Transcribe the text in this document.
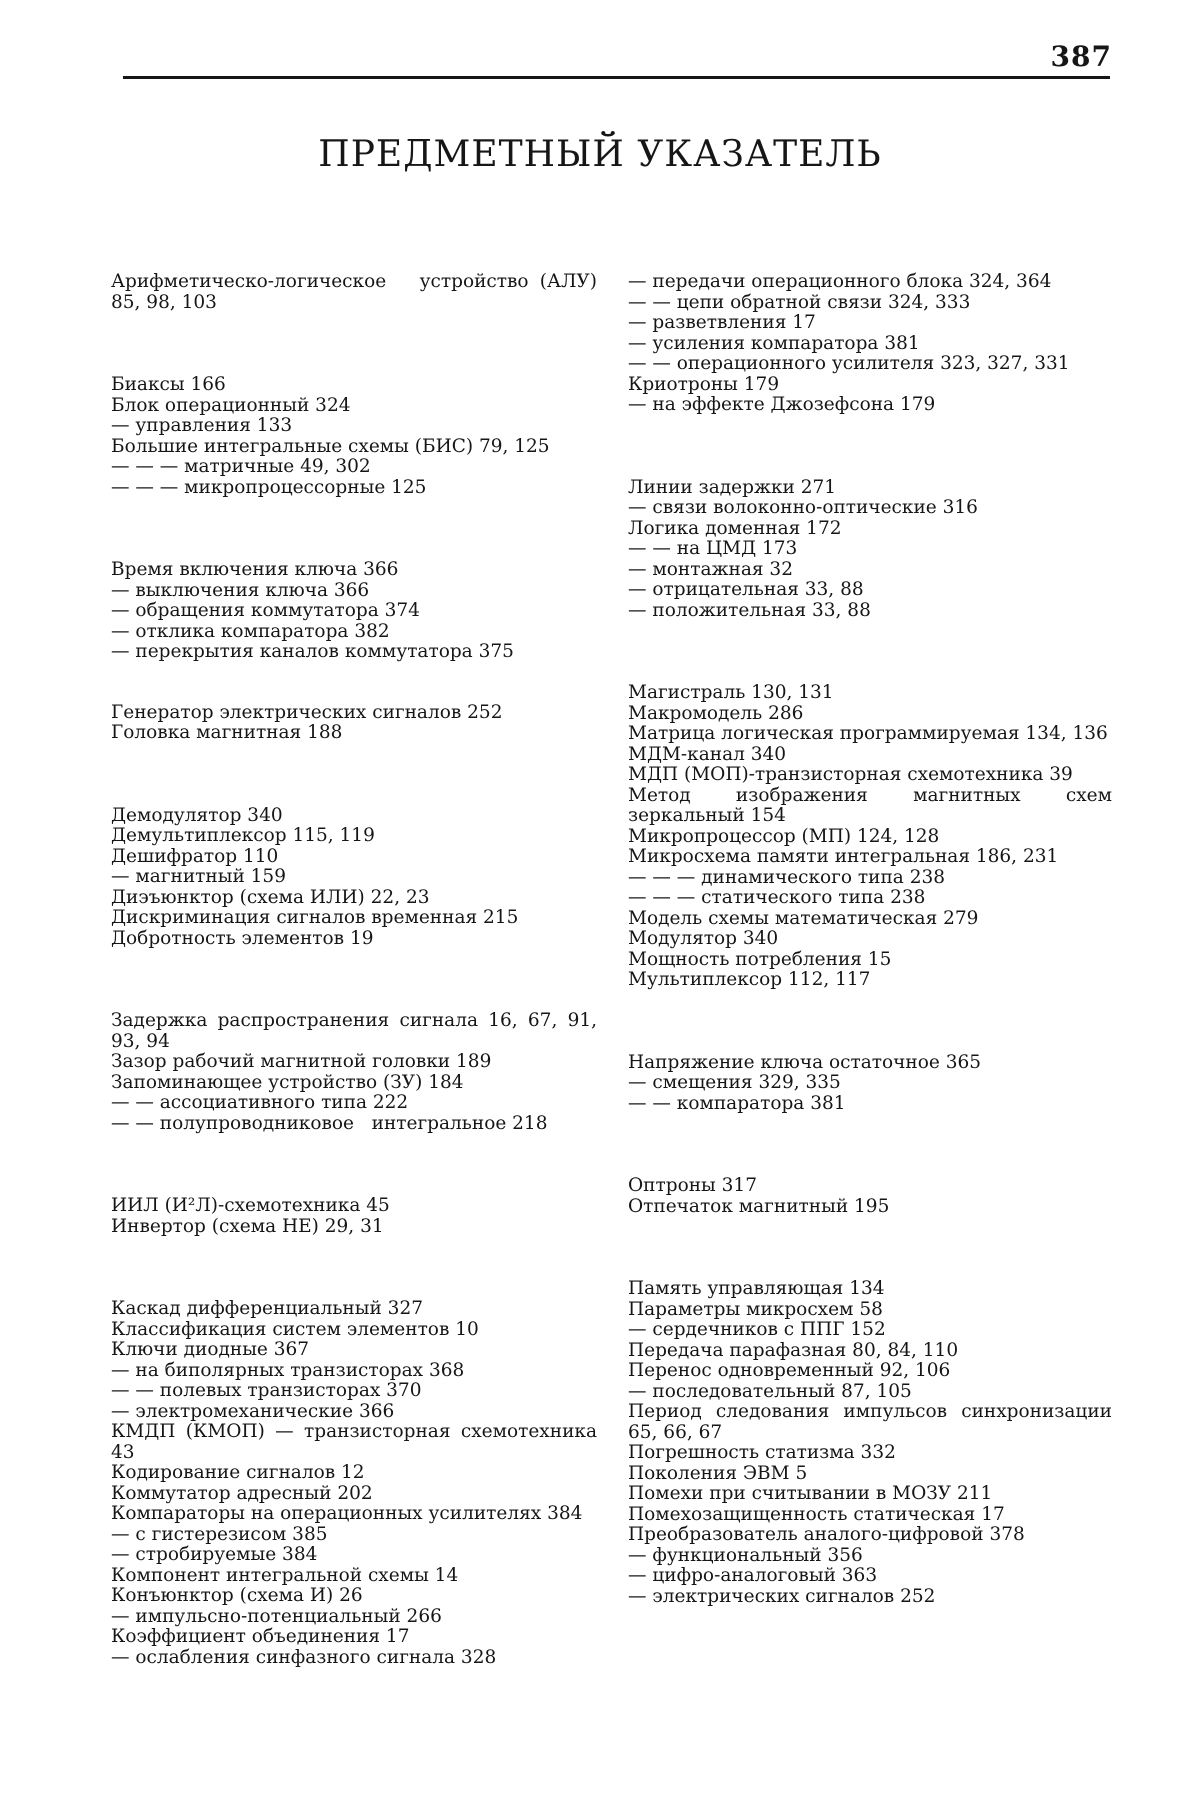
387
ПРЕДМЕТНЫЙ УКАЗАТЕЛЬ

Арифметическо-логическое   устройство (АЛУ) 85, 98, 103

Биаксы 166

Блок операционный 324

— управления 133

Большие интегральные схемы (БИС) 79, 125

— — — матричные 49, 302

— — — микропроцессорные 125

Время включения ключа 366

— выключения ключа 366

— обращения коммутатора 374

— отклика компаратора 382

— перекрытия каналов коммутатора 375

Генератор электрических сигналов 252

Головка магнитная 188

Демодулятор 340

Демультиплексор 115, 119

Дешифратор 110

— магнитный 159

Диэъюнктор (схема ИЛИ) 22, 23

Дискриминация сигналов временная 215

Добротность элементов 19

Задержка распространения сигнала 16, 67, 91, 93, 94

Зазор рабочий магнитной головки 189

Запоминающее устройство (ЗУ) 184

— — ассоциативного типа 222

— — полупроводниковое   интегральное 218

ИИЛ (И²Л)-схемотехника 45

Инвертор (схема НЕ) 29, 31

Каскад дифференциальный 327

Классификация систем элементов 10

Ключи диодные 367

— на биполярных транзисторах 368

— — полевых транзисторах 370

— электромеханические 366

КМДП (КМОП) — транзисторная схемотехника 43

Кодирование сигналов 12

Коммутатор адресный 202

Компараторы на операционных усилителях 384

— с гистерезисом 385

— стробируемые 384

Компонент интегральной схемы 14

Конъюнктор (схема И) 26

— импульсно-потенциальный 266

Коэффициент объединения 17

— ослабления синфазного сигнала 328

— передачи операционного блока 324, 364

— — цепи обратной связи 324, 333

— разветвления 17

— усиления компаратора 381

— — операционного усилителя 323, 327, 331

Криотроны 179

— на эффекте Джозефсона 179

Линии задержки 271

— связи волоконно-оптические 316

Логика доменная 172

— — на ЦМД 173

— монтажная 32

— отрицательная 33, 88

— положительная 33, 88

Магистраль 130, 131

Макромодель 286

Матрица логическая программируемая 134, 136

МДМ-канал 340

МДП (МОП)-транзисторная схемотехника 39

Метод изображения магнитных схем зеркальный 154

Микропроцессор (МП) 124, 128

Микросхема памяти интегральная 186, 231

— — — динамического типа 238

— — — статического типа 238

Модель схемы математическая 279

Модулятор 340

Мощность потребления 15

Мультиплексор 112, 117

Напряжение ключа остаточное 365

— смещения 329, 335

— — компаратора 381

Оптроны 317

Отпечаток магнитный 195

Память управляющая 134

Параметры микросхем 58

— сердечников с ППГ 152

Передача парафазная 80, 84, 110

Перенос одновременный 92, 106

— последовательный 87, 105

Период следования импульсов синхронизации 65, 66, 67

Погрешность статизма 332

Поколения ЭВМ 5

Помехи при считывании в МОЗУ 211

Помехозащищенность статическая 17

Преобразователь аналого-цифровой 378

— функциональный 356

— цифро-аналоговый 363

— электрических сигналов 252
